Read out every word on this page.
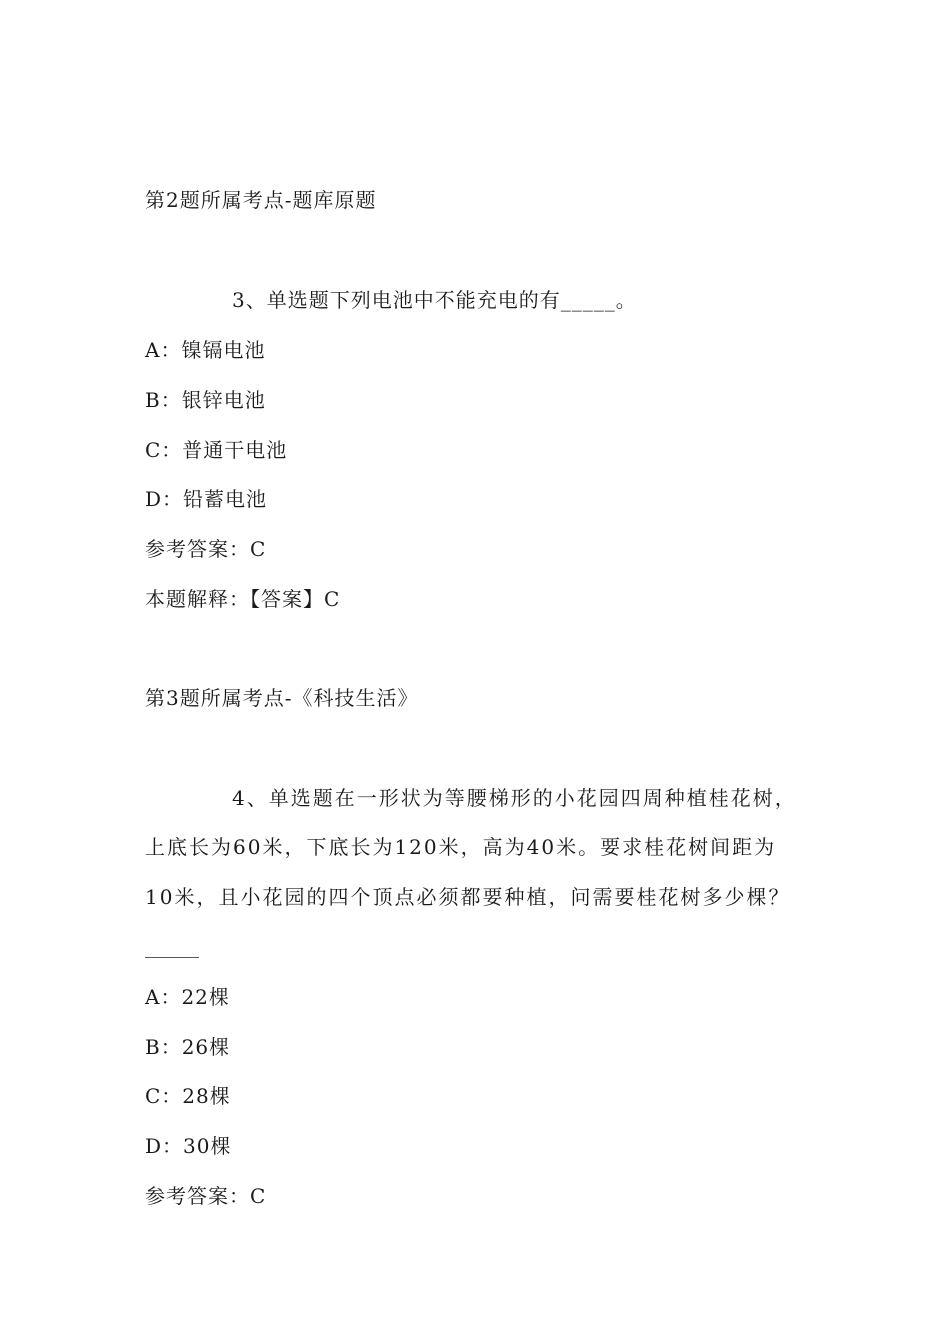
第2题所属考点-题库原题
3、单选题下列电池中不能充电的有_____。
A：镍镉电池
B：银锌电池
C：普通干电池
D：铅蓄电池
参考答案：C
本题解释：【答案】C
第3题所属考点-《科技生活》
4、单选题在一形状为等腰梯形的小花园四周种植桂花树，
上底长为60米，下底长为120米，高为40米。要求桂花树间距为
10米，且小花园的四个顶点必须都要种植，问需要桂花树多少棵？
A：22棵
B：26棵
C：28棵
D：30棵
参考答案：C
